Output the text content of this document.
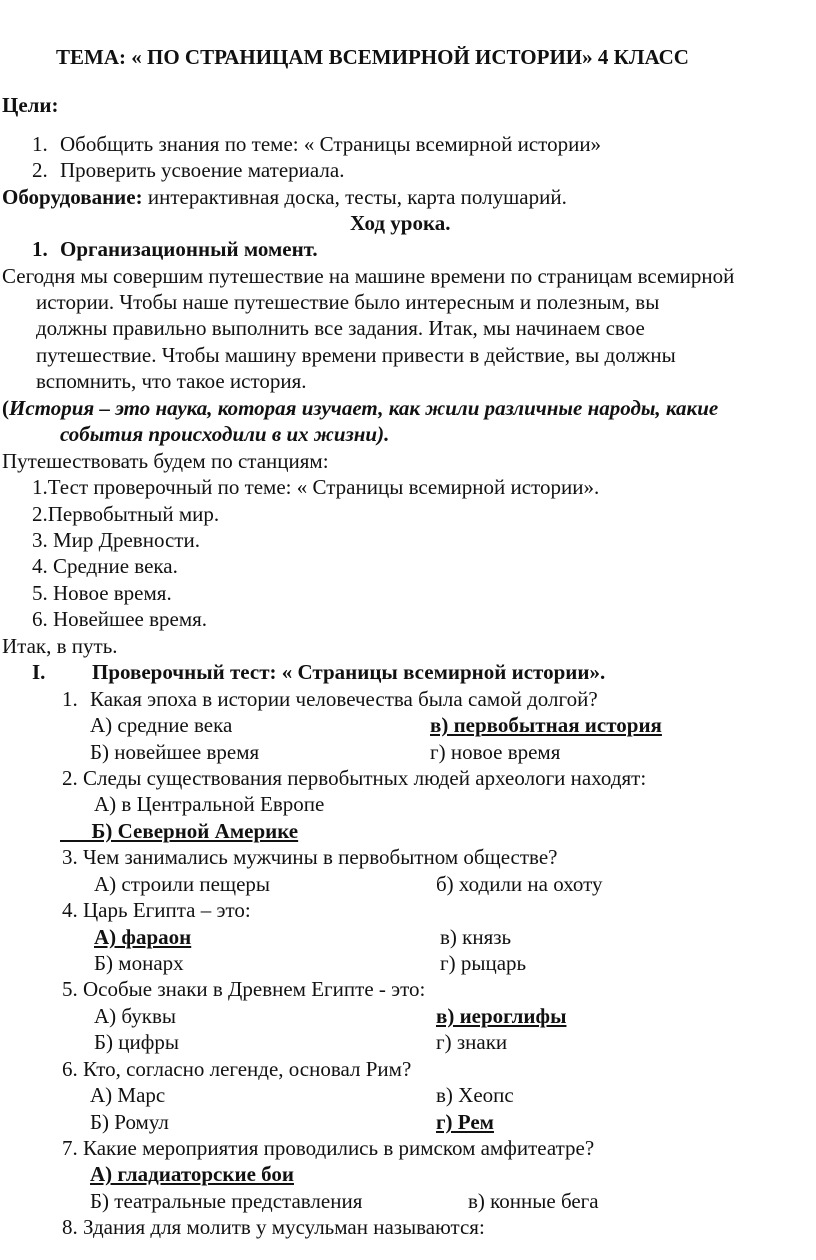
ТЕМА: « ПО СТРАНИЦАМ ВСЕМИРНОЙ ИСТОРИИ» 4 КЛАСС
Цели:
1. Обобщить знания по теме: « Страницы всемирной истории»
2. Проверить усвоение материала.
Оборудование: интерактивная доска, тесты, карта полушарий.
Ход урока.
1. Организационный момент.
Сегодня мы совершим путешествие на машине времени по страницам всемирной
истории. Чтобы наше путешествие было интересным и полезным, вы
должны правильно выполнить все задания. Итак, мы начинаем свое
путешествие. Чтобы машину времени привести в действие, вы должны
вспомнить, что такое история.
(История – это наука, которая изучает, как жили различные народы, какие
события происходили в их жизни).
Путешествовать будем по станциям:
1.Тест проверочный по теме: « Страницы всемирной истории».
2.Первобытный мир.
3. Мир Древности.
4. Средние века.
5. Новое время.
6. Новейшее время.
Итак, в путь.
I. Проверочный тест: « Страницы всемирной истории».
1. Какая эпоха в истории человечества была самой долгой?
А) средние века	в) первобытная история
Б) новейшее время	г) новое время
2. Следы существования первобытных людей археологи находят:
А) в Центральной Европе
Б) Северной Америке
3. Чем занимались мужчины в первобытном обществе?
А) строили пещеры	б) ходили на охоту
4. Царь Египта – это:
А) фараон	в) князь
Б) монарх	г) рыцарь
5. Особые знаки в Древнем Египте - это:
А) буквы	в) иероглифы
Б) цифры	г) знаки
6. Кто, согласно легенде, основал Рим?
А) Марс	в) Хеопс
Б) Ромул	г) Рем
7. Какие мероприятия проводились в римском амфитеатре?
А) гладиаторские бои
Б) театральные представления	в) конные бега
8. Здания для молитв у мусульман называются:
